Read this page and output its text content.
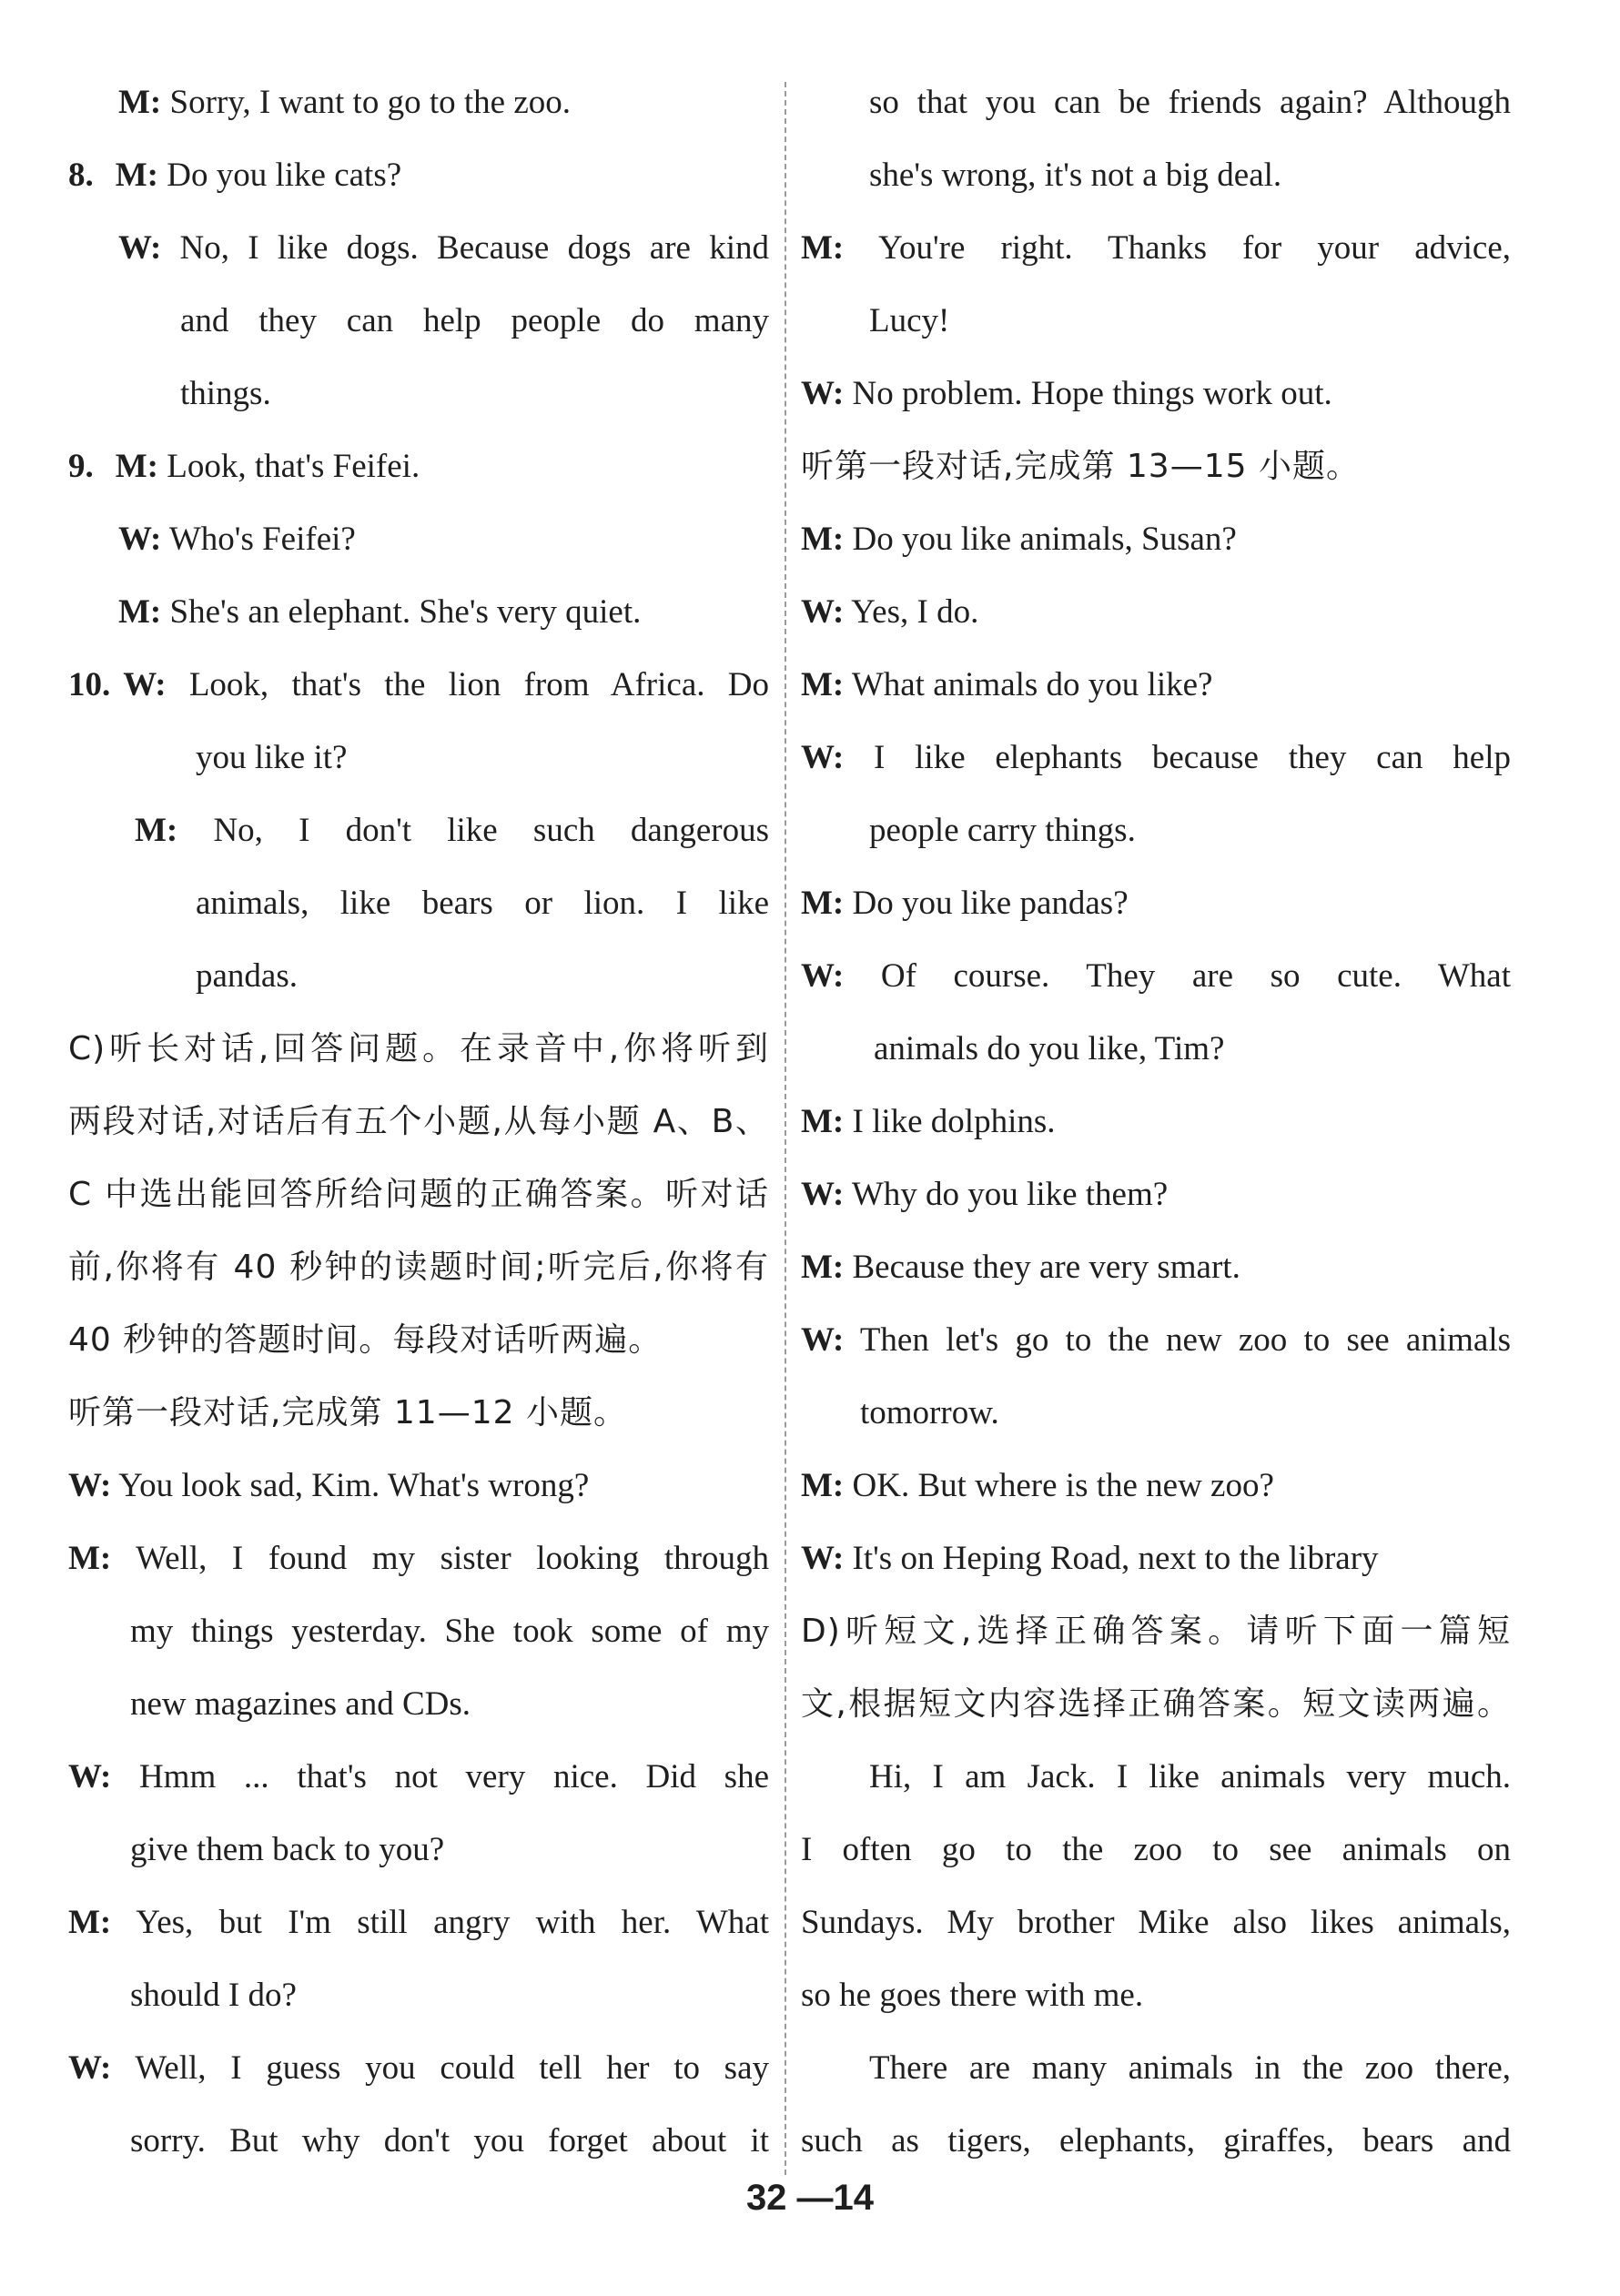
M: Sorry, I want to go to the zoo.
8. M: Do you like cats?
W: No, I like dogs. Because dogs are kind
and they can help people do many
things.
9. M: Look, that's Feifei.
W: Who's Feifei?
M: She's an elephant. She's very quiet.
10. W: Look, that's the lion from Africa. Do
you like it?
M: No, I don't like such dangerous
animals, like bears or lion. I like
pandas.
C)听长对话,回答问题。在录音中,你将听到
两段对话,对话后有五个小题,从每小题 A、B、
C 中选出能回答所给问题的正确答案。听对话
前,你将有 40 秒钟的读题时间;听完后,你将有
40 秒钟的答题时间。每段对话听两遍。
听第一段对话,完成第 11—12 小题。
W: You look sad, Kim. What's wrong?
M: Well, I found my sister looking through
my things yesterday. She took some of my
new magazines and CDs.
W: Hmm ... that's not very nice. Did she
give them back to you?
M: Yes, but I'm still angry with her. What
should I do?
W: Well, I guess you could tell her to say
sorry. But why don't you forget about it
so that you can be friends again? Although
she's wrong, it's not a big deal.
M: You're right. Thanks for your advice,
Lucy!
W: No problem. Hope things work out.
听第一段对话,完成第 13—15 小题。
M: Do you like animals, Susan?
W: Yes, I do.
M: What animals do you like?
W: I like elephants because they can help
people carry things.
M: Do you like pandas?
W: Of course. They are so cute. What
animals do you like, Tim?
M: I like dolphins.
W: Why do you like them?
M: Because they are very smart.
W: Then let's go to the new zoo to see animals
tomorrow.
M: OK. But where is the new zoo?
W: It's on Heping Road, next to the library
D)听短文,选择正确答案。请听下面一篇短
文,根据短文内容选择正确答案。短文读两遍。
Hi, I am Jack. I like animals very much.
I often go to the zoo to see animals on
Sundays. My brother Mike also likes animals,
so he goes there with me.
There are many animals in the zoo there,
such as tigers, elephants, giraffes, bears and
32 —14
